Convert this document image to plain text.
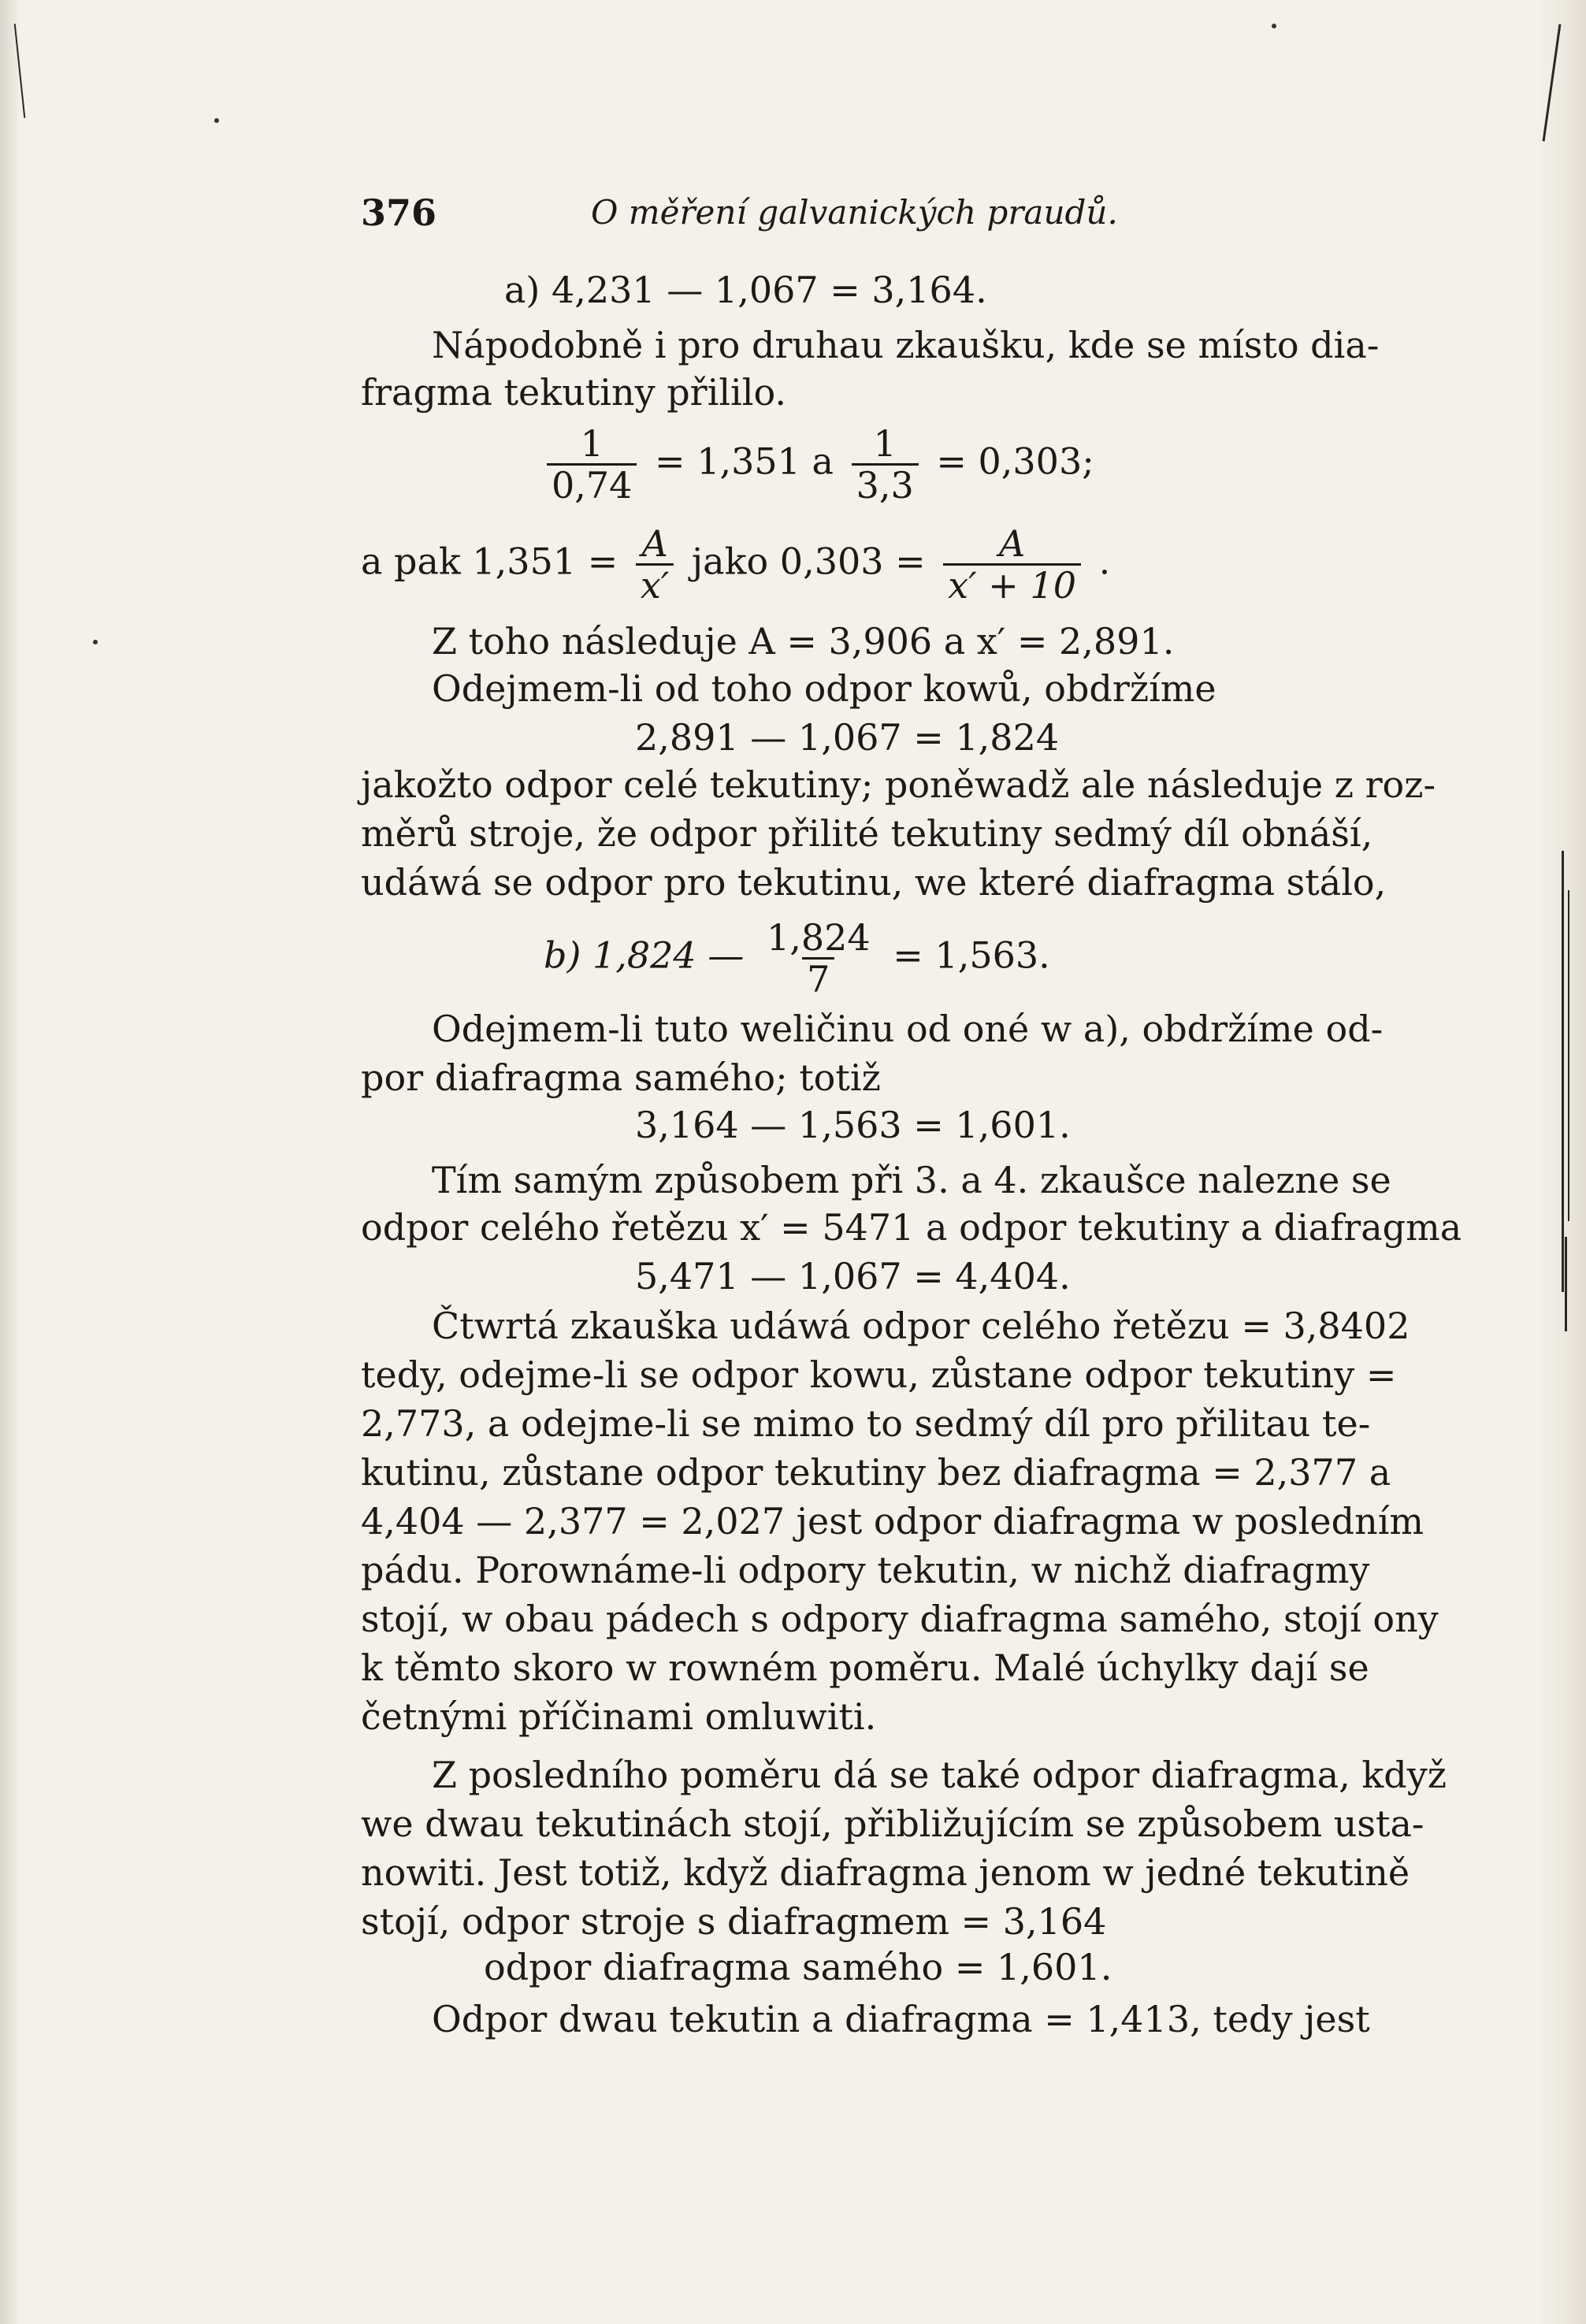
376	O měření galvanických praudů.
a) 4,231 — 1,067 = 3,164.
Nápodobně i pro druhau zkaušku, kde se místo dia-
fragma tekutiny přililo.
$\frac{1}{0,74} = 1,351$ a $\frac{1}{3,3} = 0,303$;
a pak $1,351 = \frac{A}{x'}$ jako $0,303 = \frac{A}{x' + 10}$ .
Z toho následuje A = 3,906 a x′ = 2,891.
Odejmem-li od toho odpor kowů, obdržíme
2,891 — 1,067 = 1,824
jakožto odpor celé tekutiny; poněwadž ale následuje z roz-
měrů stroje, že odpor přilité tekutiny sedmý díl obnáší,
udáwá se odpor pro tekutinu, we které diafragma stálo,
b) 1,824 — $\frac{1,824}{7} = 1,563$.
Odejmem-li tuto weličinu od oné w a), obdržíme od-
por diafragma samého; totiž
3,164 — 1,563 = 1,601.
Tím samým způsobem při 3. a 4. zkaušce nalezne se
odpor celého řetězu x′ = 5471 a odpor tekutiny a diafragma
5,471 — 1,067 = 4,404.
Čtwrtá zkauška udáwá odpor celého řetězu = 3,8402
tedy, odejme-li se odpor kowu, zůstane odpor tekutiny =
2,773, a odejme-li se mimo to sedmý díl pro přilitau te-
kutinu, zůstane odpor tekutiny bez diafragma = 2,377 a
4,404 — 2,377 = 2,027 jest odpor diafragma w posledním
pádu. Porownáme-li odpory tekutin, w nichž diafragmy
stojí, w obau pádech s odpory diafragma samého, stojí ony
k těmto skoro w rowném poměru. Malé úchylky dají se
četnými příčinami omluwiti.
Z posledního poměru dá se také odpor diafragma, když
we dwau tekutinách stojí, přibližujícím se způsobem usta-
nowiti. Jest totiž, když diafragma jenom w jedné tekutině
stojí, odpor stroje s diafragmem = 3,164
odpor diafragma samého = 1,601.
Odpor dwau tekutin a diafragma = 1,413, tedy jest
